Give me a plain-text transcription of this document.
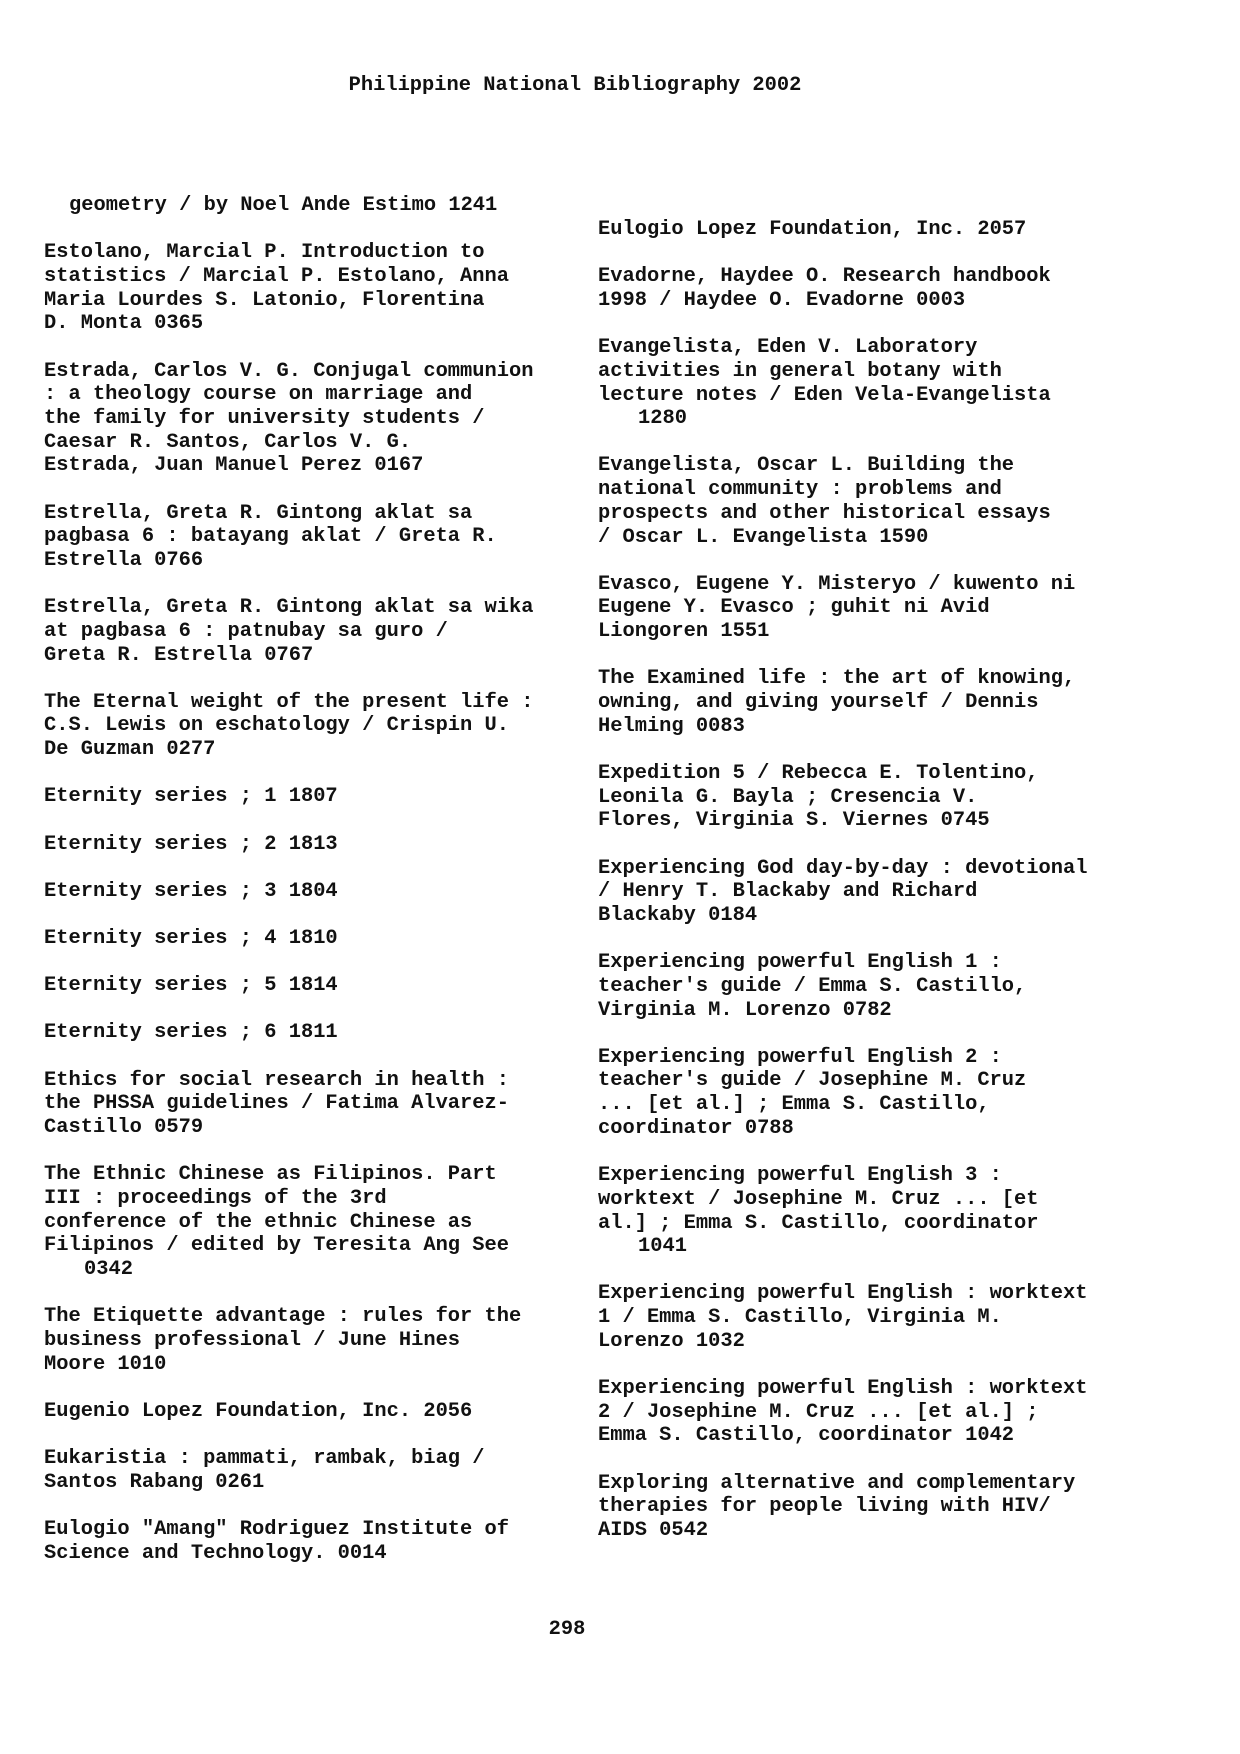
Philippine National Bibliography 2002

geometry / by Noel Ande Estimo 1241

Estolano, Marcial P. Introduction to
statistics / Marcial P. Estolano, Anna
Maria Lourdes S. Latonio, Florentina
D. Monta 0365

Estrada, Carlos V. G. Conjugal communion
: a theology course on marriage and
the family for university students /
Caesar R. Santos, Carlos V. G.
Estrada, Juan Manuel Perez 0167

Estrella, Greta R. Gintong aklat sa
pagbasa 6 : batayang aklat / Greta R.
Estrella 0766

Estrella, Greta R. Gintong aklat sa wika
at pagbasa 6 : patnubay sa guro /
Greta R. Estrella 0767

The Eternal weight of the present life :
C.S. Lewis on eschatology / Crispin U.
De Guzman 0277

Eternity series ; 1 1807

Eternity series ; 2 1813

Eternity series ; 3 1804

Eternity series ; 4 1810

Eternity series ; 5 1814

Eternity series ; 6 1811

Ethics for social research in health :
the PHSSA guidelines / Fatima Alvarez-
Castillo 0579

The Ethnic Chinese as Filipinos. Part
III : proceedings of the 3rd
conference of the ethnic Chinese as
Filipinos / edited by Teresita Ang See
0342

The Etiquette advantage : rules for the
business professional / June Hines
Moore 1010

Eugenio Lopez Foundation, Inc. 2056

Eukaristia : pammati, rambak, biag /
Santos Rabang 0261

Eulogio "Amang" Rodriguez Institute of
Science and Technology. 0014

Eulogio Lopez Foundation, Inc. 2057

Evadorne, Haydee O. Research handbook
1998 / Haydee O. Evadorne 0003

Evangelista, Eden V. Laboratory
activities in general botany with
lecture notes / Eden Vela-Evangelista
1280

Evangelista, Oscar L. Building the
national community : problems and
prospects and other historical essays
/ Oscar L. Evangelista 1590

Evasco, Eugene Y. Misteryo / kuwento ni
Eugene Y. Evasco ; guhit ni Avid
Liongoren 1551

The Examined life : the art of knowing,
owning, and giving yourself / Dennis
Helming 0083

Expedition 5 / Rebecca E. Tolentino,
Leonila G. Bayla ; Cresencia V.
Flores, Virginia S. Viernes 0745

Experiencing God day-by-day : devotional
/ Henry T. Blackaby and Richard
Blackaby 0184

Experiencing powerful English 1 :
teacher's guide / Emma S. Castillo,
Virginia M. Lorenzo 0782

Experiencing powerful English 2 :
teacher's guide / Josephine M. Cruz
... [et al.] ; Emma S. Castillo,
coordinator 0788

Experiencing powerful English 3 :
worktext / Josephine M. Cruz ... [et
al.] ; Emma S. Castillo, coordinator
1041

Experiencing powerful English : worktext
1 / Emma S. Castillo, Virginia M.
Lorenzo 1032

Experiencing powerful English : worktext
2 / Josephine M. Cruz ... [et al.] ;
Emma S. Castillo, coordinator 1042

Exploring alternative and complementary
therapies for people living with HIV/
AIDS 0542

298
